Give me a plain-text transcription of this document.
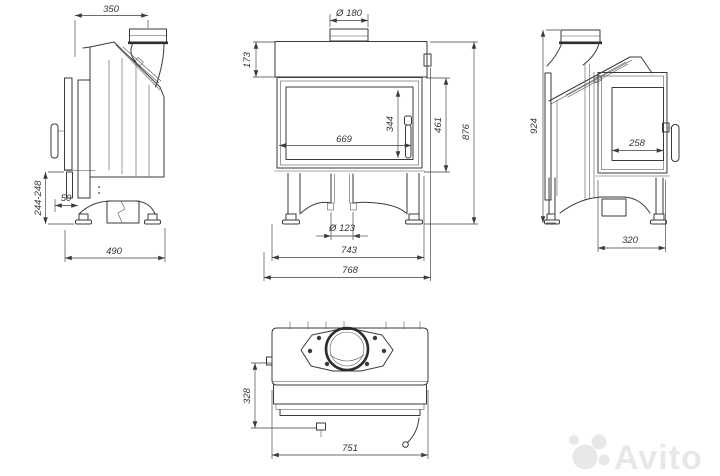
350
244-248 50
490
Ø 180
173
669
344	461 876
Ø 123
743
768
924
258
320
328
751	Avito
